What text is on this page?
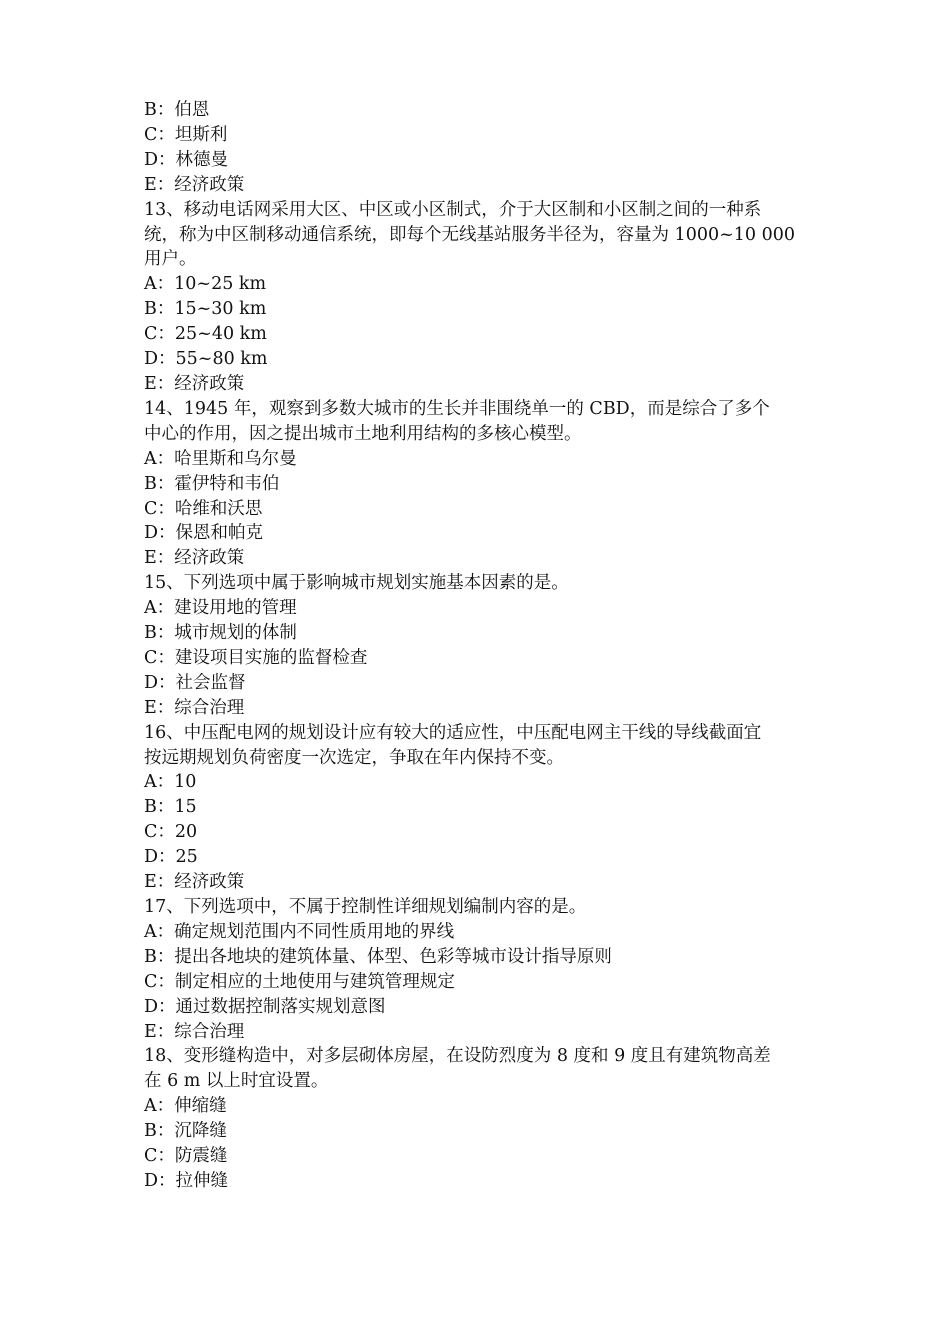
B：伯恩
C：坦斯利
D：林德曼
E：经济政策
13、移动电话网采用大区、中区或小区制式，介于大区制和小区制之间的一种系
统，称为中区制移动通信系统，即每个无线基站服务半径为，容量为 1000~10 000
用户。
A：10~25 km
B：15~30 km
C：25~40 km
D：55~80 km
E：经济政策
14、1945 年，观察到多数大城市的生长并非围绕单一的 CBD，而是综合了多个
中心的作用，因之提出城市土地利用结构的多核心模型。
A：哈里斯和乌尔曼
B：霍伊特和韦伯
C：哈维和沃思
D：保恩和帕克
E：经济政策
15、下列选项中属于影响城市规划实施基本因素的是。
A：建设用地的管理
B：城市规划的体制
C：建设项目实施的监督检查
D：社会监督
E：综合治理
16、中压配电网的规划设计应有较大的适应性，中压配电网主干线的导线截面宜
按远期规划负荷密度一次选定，争取在年内保持不变。
A：10
B：15
C：20
D：25
E：经济政策
17、下列选项中，不属于控制性详细规划编制内容的是。
A：确定规划范围内不同性质用地的界线
B：提出各地块的建筑体量、体型、色彩等城市设计指导原则
C：制定相应的土地使用与建筑管理规定
D：通过数据控制落实规划意图
E：综合治理
18、变形缝构造中，对多层砌体房屋，在设防烈度为 8 度和 9 度且有建筑物高差
在 6 m 以上时宜设置。
A：伸缩缝
B：沉降缝
C：防震缝
D：拉伸缝
